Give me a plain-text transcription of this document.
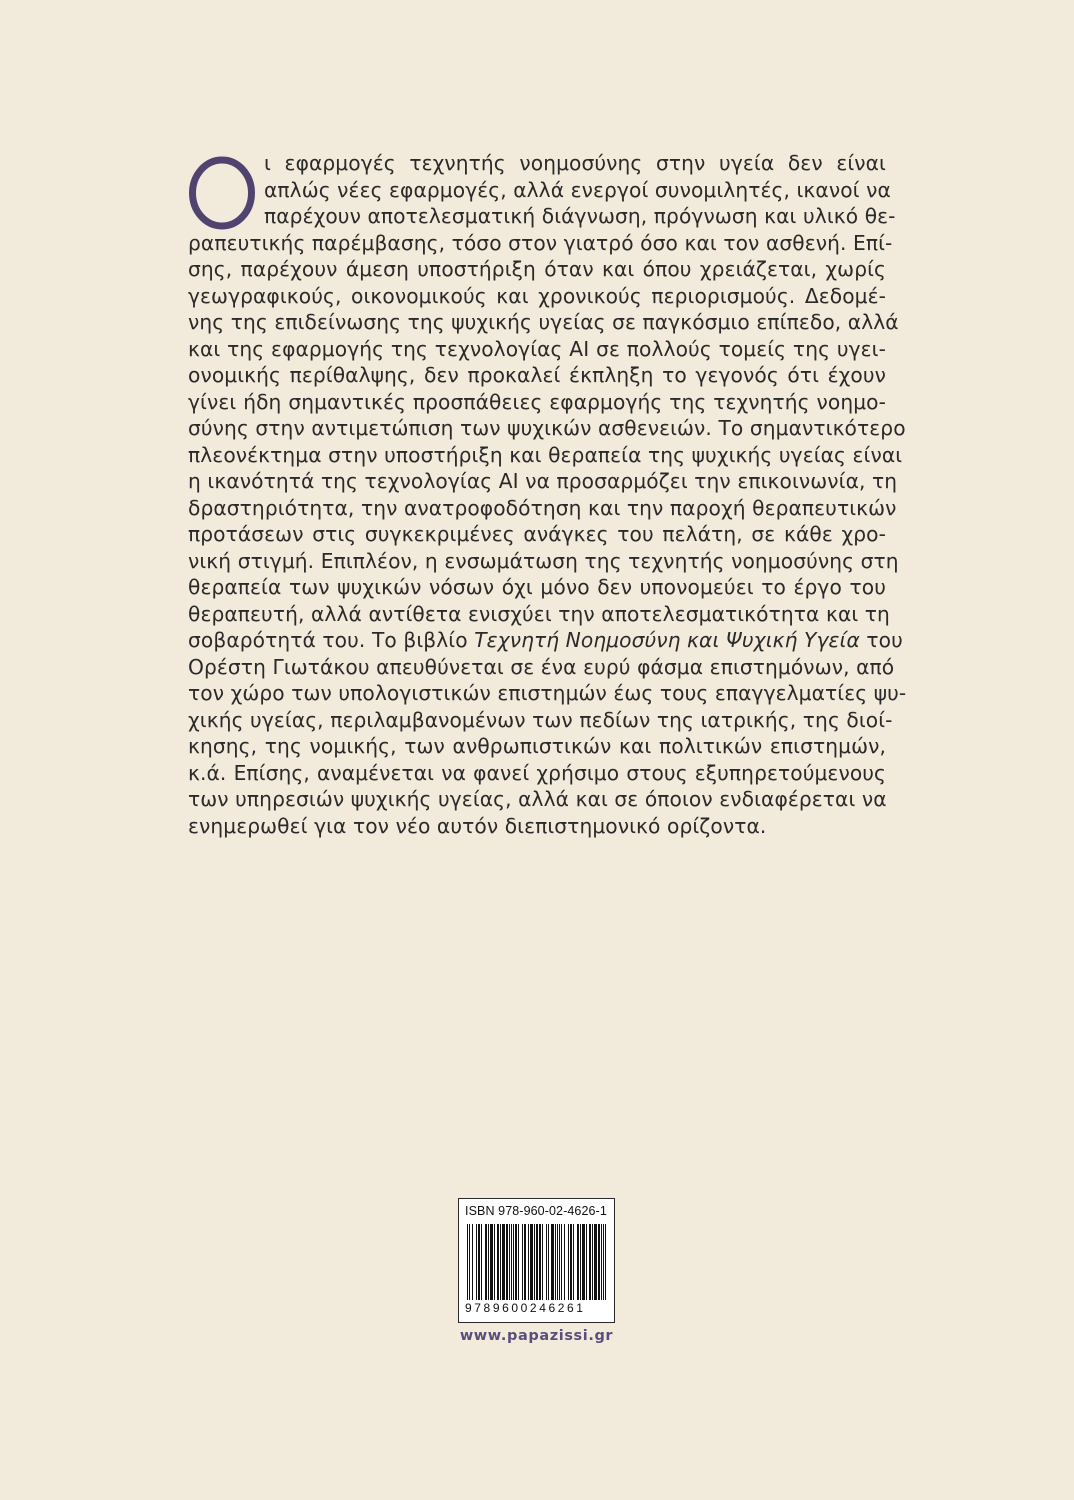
ι εφαρμογές τεχνητής νοημοσύνης στην υγεία δεν είναι
απλώς νέες εφαρμογές, αλλά ενεργοί συνομιλητές, ικανοί να
παρέχουν αποτελεσματική διάγνωση, πρόγνωση και υλικό θε-
ραπευτικής παρέμβασης, τόσο στον γιατρό όσο και τον ασθενή. Επί-
σης, παρέχουν άμεση υποστήριξη όταν και όπου χρειάζεται, χωρίς
γεωγραφικούς, οικονομικούς και χρονικούς περιορισμούς. Δεδομέ-
νης της επιδείνωσης της ψυχικής υγείας σε παγκόσμιο επίπεδο, αλλά
και της εφαρμογής της τεχνολογίας AI σε πολλούς τομείς της υγει-
ονομικής περίθαλψης, δεν προκαλεί έκπληξη το γεγονός ότι έχουν
γίνει ήδη σημαντικές προσπάθειες εφαρμογής της τεχνητής νοημο-
σύνης στην αντιμετώπιση των ψυχικών ασθενειών. Το σημαντικότερο
πλεονέκτημα στην υποστήριξη και θεραπεία της ψυχικής υγείας είναι
η ικανότητά της τεχνολογίας AI να προσαρμόζει την επικοινωνία, τη
δραστηριότητα, την ανατροφοδότηση και την παροχή θεραπευτικών
προτάσεων στις συγκεκριμένες ανάγκες του πελάτη, σε κάθε χρο-
νική στιγμή. Επιπλέον, η ενσωμάτωση της τεχνητής νοημοσύνης στη
θεραπεία των ψυχικών νόσων όχι μόνο δεν υπονομεύει το έργο του
θεραπευτή, αλλά αντίθετα ενισχύει την αποτελεσματικότητα και τη
σοβαρότητά του. Το βιβλίο Τεχνητή Νοημοσύνη και Ψυχική Υγεία του
Ορέστη Γιωτάκου απευθύνεται σε ένα ευρύ φάσμα επιστημόνων, από
τον χώρο των υπολογιστικών επιστημών έως τους επαγγελματίες ψυ-
χικής υγείας, περιλαμβανομένων των πεδίων της ιατρικής, της διοί-
κησης, της νομικής, των ανθρωπιστικών και πολιτικών επιστημών,
κ.ά. Επίσης, αναμένεται να φανεί χρήσιμο στους εξυπηρετούμενους
των υπηρεσιών ψυχικής υγείας, αλλά και σε όποιον ενδιαφέρεται να
ενημερωθεί για τον νέο αυτόν διεπιστημονικό ορίζοντα.
ISBN 978-960-02-4626-1
9789600246261
www.papazissi.gr
